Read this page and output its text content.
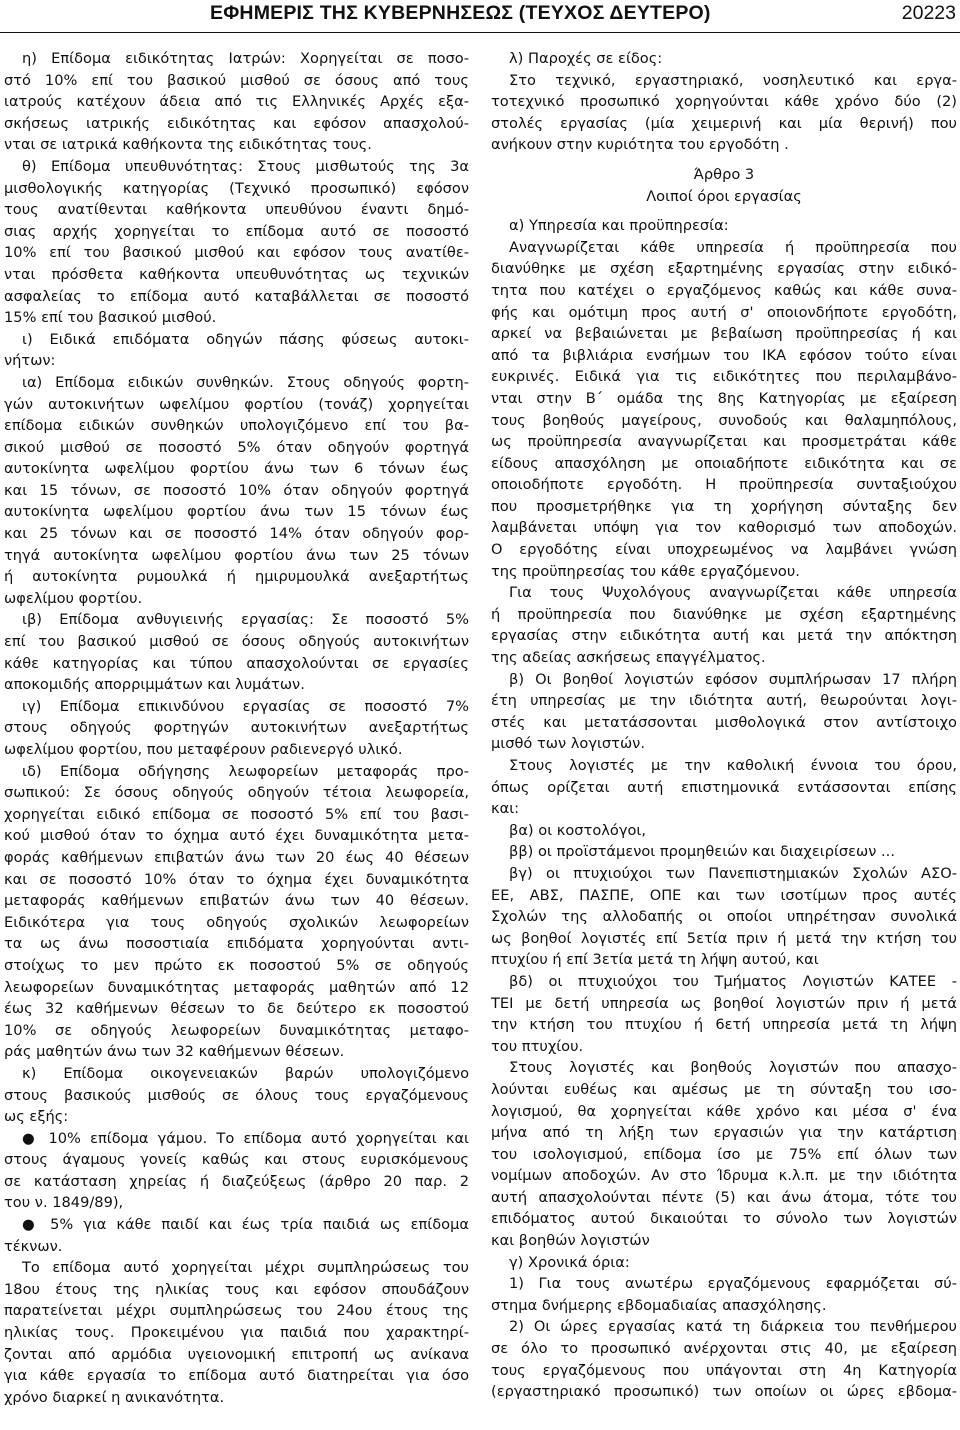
ΕΦΗΜΕΡΙΣ ΤΗΣ ΚΥΒΕΡΝΗΣΕΩΣ (ΤΕΥΧΟΣ ΔΕΥΤΕΡΟ)	20223
η) Επίδομα ειδικότητας Ιατρών: Χορηγείται σε ποσο-
στό 10% επί του βασικού μισθού σε όσους από τους
ιατρούς κατέχουν άδεια από τις Ελληνικές Αρχές εξα-
σκήσεως ιατρικής ειδικότητας και εφόσον απασχολού-
νται σε ιατρικά καθήκοντα της ειδικότητας τους.
θ) Επίδομα υπευθυνότητας: Στους μισθωτούς της 3α
μισθολογικής κατηγορίας (Τεχνικό προσωπικό) εφόσον
τους ανατίθενται καθήκοντα υπευθύνου έναντι δημό-
σιας αρχής χορηγείται το επίδομα αυτό σε ποσοστό
10% επί του βασικού μισθού και εφόσον τους ανατίθε-
νται πρόσθετα καθήκοντα υπευθυνότητας ως τεχνικών
ασφαλείας το επίδομα αυτό καταβάλλεται σε ποσοστό
15% επί του βασικού μισθού.
ι) Ειδικά επιδόματα οδηγών πάσης φύσεως αυτοκι-
νήτων:
ια) Επίδομα ειδικών συνθηκών. Στους οδηγούς φορτη-
γών αυτοκινήτων ωφελίμου φορτίου (τονάζ) χορηγείται
επίδομα ειδικών συνθηκών υπολογιζόμενο επί του βα-
σικού μισθού σε ποσοστό 5% όταν οδηγούν φορτηγά
αυτοκίνητα ωφελίμου φορτίου άνω των 6 τόνων έως
και 15 τόνων, σε ποσοστό 10% όταν οδηγούν φορτηγά
αυτοκίνητα ωφελίμου φορτίου άνω των 15 τόνων έως
και 25 τόνων και σε ποσοστό 14% όταν οδηγούν φορ-
τηγά αυτοκίνητα ωφελίμου φορτίου άνω των 25 τόνων
ή αυτοκίνητα ρυμουλκά ή ημιρυμουλκά ανεξαρτήτως
ωφελίμου φορτίου.
ιβ) Επίδομα ανθυγιεινής εργασίας: Σε ποσοστό 5%
επί του βασικού μισθού σε όσους οδηγούς αυτοκινήτων
κάθε κατηγορίας και τύπου απασχολούνται σε εργασίες
αποκομιδής απορριμμάτων και λυμάτων.
ιγ) Επίδομα επικινδύνου εργασίας σε ποσοστό 7%
στους οδηγούς φορτηγών αυτοκινήτων ανεξαρτήτως
ωφελίμου φορτίου, που μεταφέρουν ραδιενεργό υλικό.
ιδ) Επίδομα οδήγησης λεωφορείων μεταφοράς προ-
σωπικού: Σε όσους οδηγούς οδηγούν τέτοια λεωφορεία,
χορηγείται ειδικό επίδομα σε ποσοστό 5% επί του βασι-
κού μισθού όταν το όχημα αυτό έχει δυναμικότητα μετα-
φοράς καθήμενων επιβατών άνω των 20 έως 40 θέσεων
και σε ποσοστό 10% όταν το όχημα έχει δυναμικότητα
μεταφοράς καθήμενων επιβατών άνω των 40 θέσεων.
Ειδικότερα για τους οδηγούς σχολικών λεωφορείων
τα ως άνω ποσοστιαία επιδόματα χορηγούνται αντι-
στοίχως το μεν πρώτο εκ ποσοστού 5% σε οδηγούς
λεωφορείων δυναμικότητας μεταφοράς μαθητών από 12
έως 32 καθήμενων θέσεων το δε δεύτερο εκ ποσοστού
10% σε οδηγούς λεωφορείων δυναμικότητας μεταφο-
ράς μαθητών άνω των 32 καθήμενων θέσεων.
κ) Επίδομα οικογενειακών βαρών υπολογιζόμενο
στους βασικούς μισθούς σε όλους τους εργαζόμενους
ως εξής:
● 10% επίδομα γάμου. Το επίδομα αυτό χορηγείται και
στους άγαμους γονείς καθώς και στους ευρισκόμενους
σε κατάσταση χηρείας ή διαζεύξεως (άρθρο 20 παρ. 2
του ν. 1849/89),
● 5% για κάθε παιδί και έως τρία παιδιά ως επίδομα
τέκνων.
Το επίδομα αυτό χορηγείται μέχρι συμπληρώσεως του
18ου έτους της ηλικίας τους και εφόσον σπουδάζουν
παρατείνεται μέχρι συμπληρώσεως του 24ου έτους της
ηλικίας τους. Προκειμένου για παιδιά που χαρακτηρί-
ζονται από αρμόδια υγειονομική επιτροπή ως ανίκανα
για κάθε εργασία το επίδομα αυτό διατηρείται για όσο
χρόνο διαρκεί η ανικανότητα.
λ) Παροχές σε είδος:
Στο τεχνικό, εργαστηριακό, νοσηλευτικό και εργα-
τοτεχνικό προσωπικό χορηγούνται κάθε χρόνο δύο (2)
στολές εργασίας (μία χειμερινή και μία θερινή) που
ανήκουν στην κυριότητα του εργοδότη .
Άρθρο 3
Λοιποί όροι εργασίας
α) Υπηρεσία και προϋπηρεσία:
Αναγνωρίζεται κάθε υπηρεσία ή προϋπηρεσία που
διανύθηκε με σχέση εξαρτημένης εργασίας στην ειδικό-
τητα που κατέχει ο εργαζόμενος καθώς και κάθε συνα-
φής και ομότιμη προς αυτή σ' οποιονδήποτε εργοδότη,
αρκεί να βεβαιώνεται με βεβαίωση προϋπηρεσίας ή και
από τα βιβλιάρια ενσήμων του ΙΚΑ εφόσον τούτο είναι
ευκρινές. Ειδικά για τις ειδικότητες που περιλαμβάνο-
νται στην Β΄ ομάδα της 8ης Κατηγορίας με εξαίρεση
τους βοηθούς μαγείρους, συνοδούς και θαλαμηπόλους,
ως προϋπηρεσία αναγνωρίζεται και προσμετράται κάθε
είδους απασχόληση με οποιαδήποτε ειδικότητα και σε
οποιοδήποτε εργοδότη. Η προϋπηρεσία συνταξιούχου
που προσμετρήθηκε για τη χορήγηση σύνταξης δεν
λαμβάνεται υπόψη για τον καθορισμό των αποδοχών.
Ο εργοδότης είναι υποχρεωμένος να λαμβάνει γνώση
της προϋπηρεσίας του κάθε εργαζόμενου.
Για τους Ψυχολόγους αναγνωρίζεται κάθε υπηρεσία
ή προϋπηρεσία που διανύθηκε με σχέση εξαρτημένης
εργασίας στην ειδικότητα αυτή και μετά την απόκτηση
της αδείας ασκήσεως επαγγέλματος.
β) Οι βοηθοί λογιστών εφόσον συμπλήρωσαν 17 πλήρη
έτη υπηρεσίας με την ιδιότητα αυτή, θεωρούνται λογι-
στές και μετατάσσονται μισθολογικά στον αντίστοιχο
μισθό των λογιστών.
Στους λογιστές με την καθολική έννοια του όρου,
όπως ορίζεται αυτή επιστημονικά εντάσσονται επίσης
και:
βα) οι κοστολόγοι,
ββ) οι προϊστάμενοι προμηθειών και διαχειρίσεων ...
βγ) οι πτυχιούχοι των Πανεπιστημιακών Σχολών ΑΣΟ-
ΕΕ, ΑΒΣ, ΠΑΣΠΕ, ΟΠΕ και των ισοτίμων προς αυτές
Σχολών της αλλοδαπής οι οποίοι υπηρέτησαν συνολικά
ως βοηθοί λογιστές επί 5ετία πριν ή μετά την κτήση του
πτυχίου ή επί 3ετία μετά τη λήψη αυτού, και
βδ) οι πτυχιούχοι του Τμήματος Λογιστών ΚΑΤΕΕ -
ΤΕΙ με δετή υπηρεσία ως βοηθοί λογιστών πριν ή μετά
την κτήση του πτυχίου ή 6ετή υπηρεσία μετά τη λήψη
του πτυχίου.
Στους λογιστές και βοηθούς λογιστών που απασχο-
λούνται ευθέως και αμέσως με τη σύνταξη του ισο-
λογισμού, θα χορηγείται κάθε χρόνο και μέσα σ' ένα
μήνα από τη λήξη των εργασιών για την κατάρτιση
του ισολογισμού, επίδομα ίσο με 75% επί όλων των
νομίμων αποδοχών. Αν στο Ίδρυμα κ.λ.π. με την ιδιότητα
αυτή απασχολούνται πέντε (5) και άνω άτομα, τότε του
επιδόματος αυτού δικαιούται το σύνολο των λογιστών
και βοηθών λογιστών
γ) Χρονικά όρια:
1) Για τους ανωτέρω εργαζόμενους εφαρμόζεται σύ-
στημα δνήμερης εβδομαδιαίας απασχόλησης.
2) Οι ώρες εργασίας κατά τη διάρκεια του πενθήμερου
σε όλο το προσωπικό ανέρχονται στις 40, με εξαίρεση
τους εργαζόμενους που υπάγονται στη 4η Κατηγορία
(εργαστηριακό προσωπικό) των οποίων οι ώρες εβδομα-
